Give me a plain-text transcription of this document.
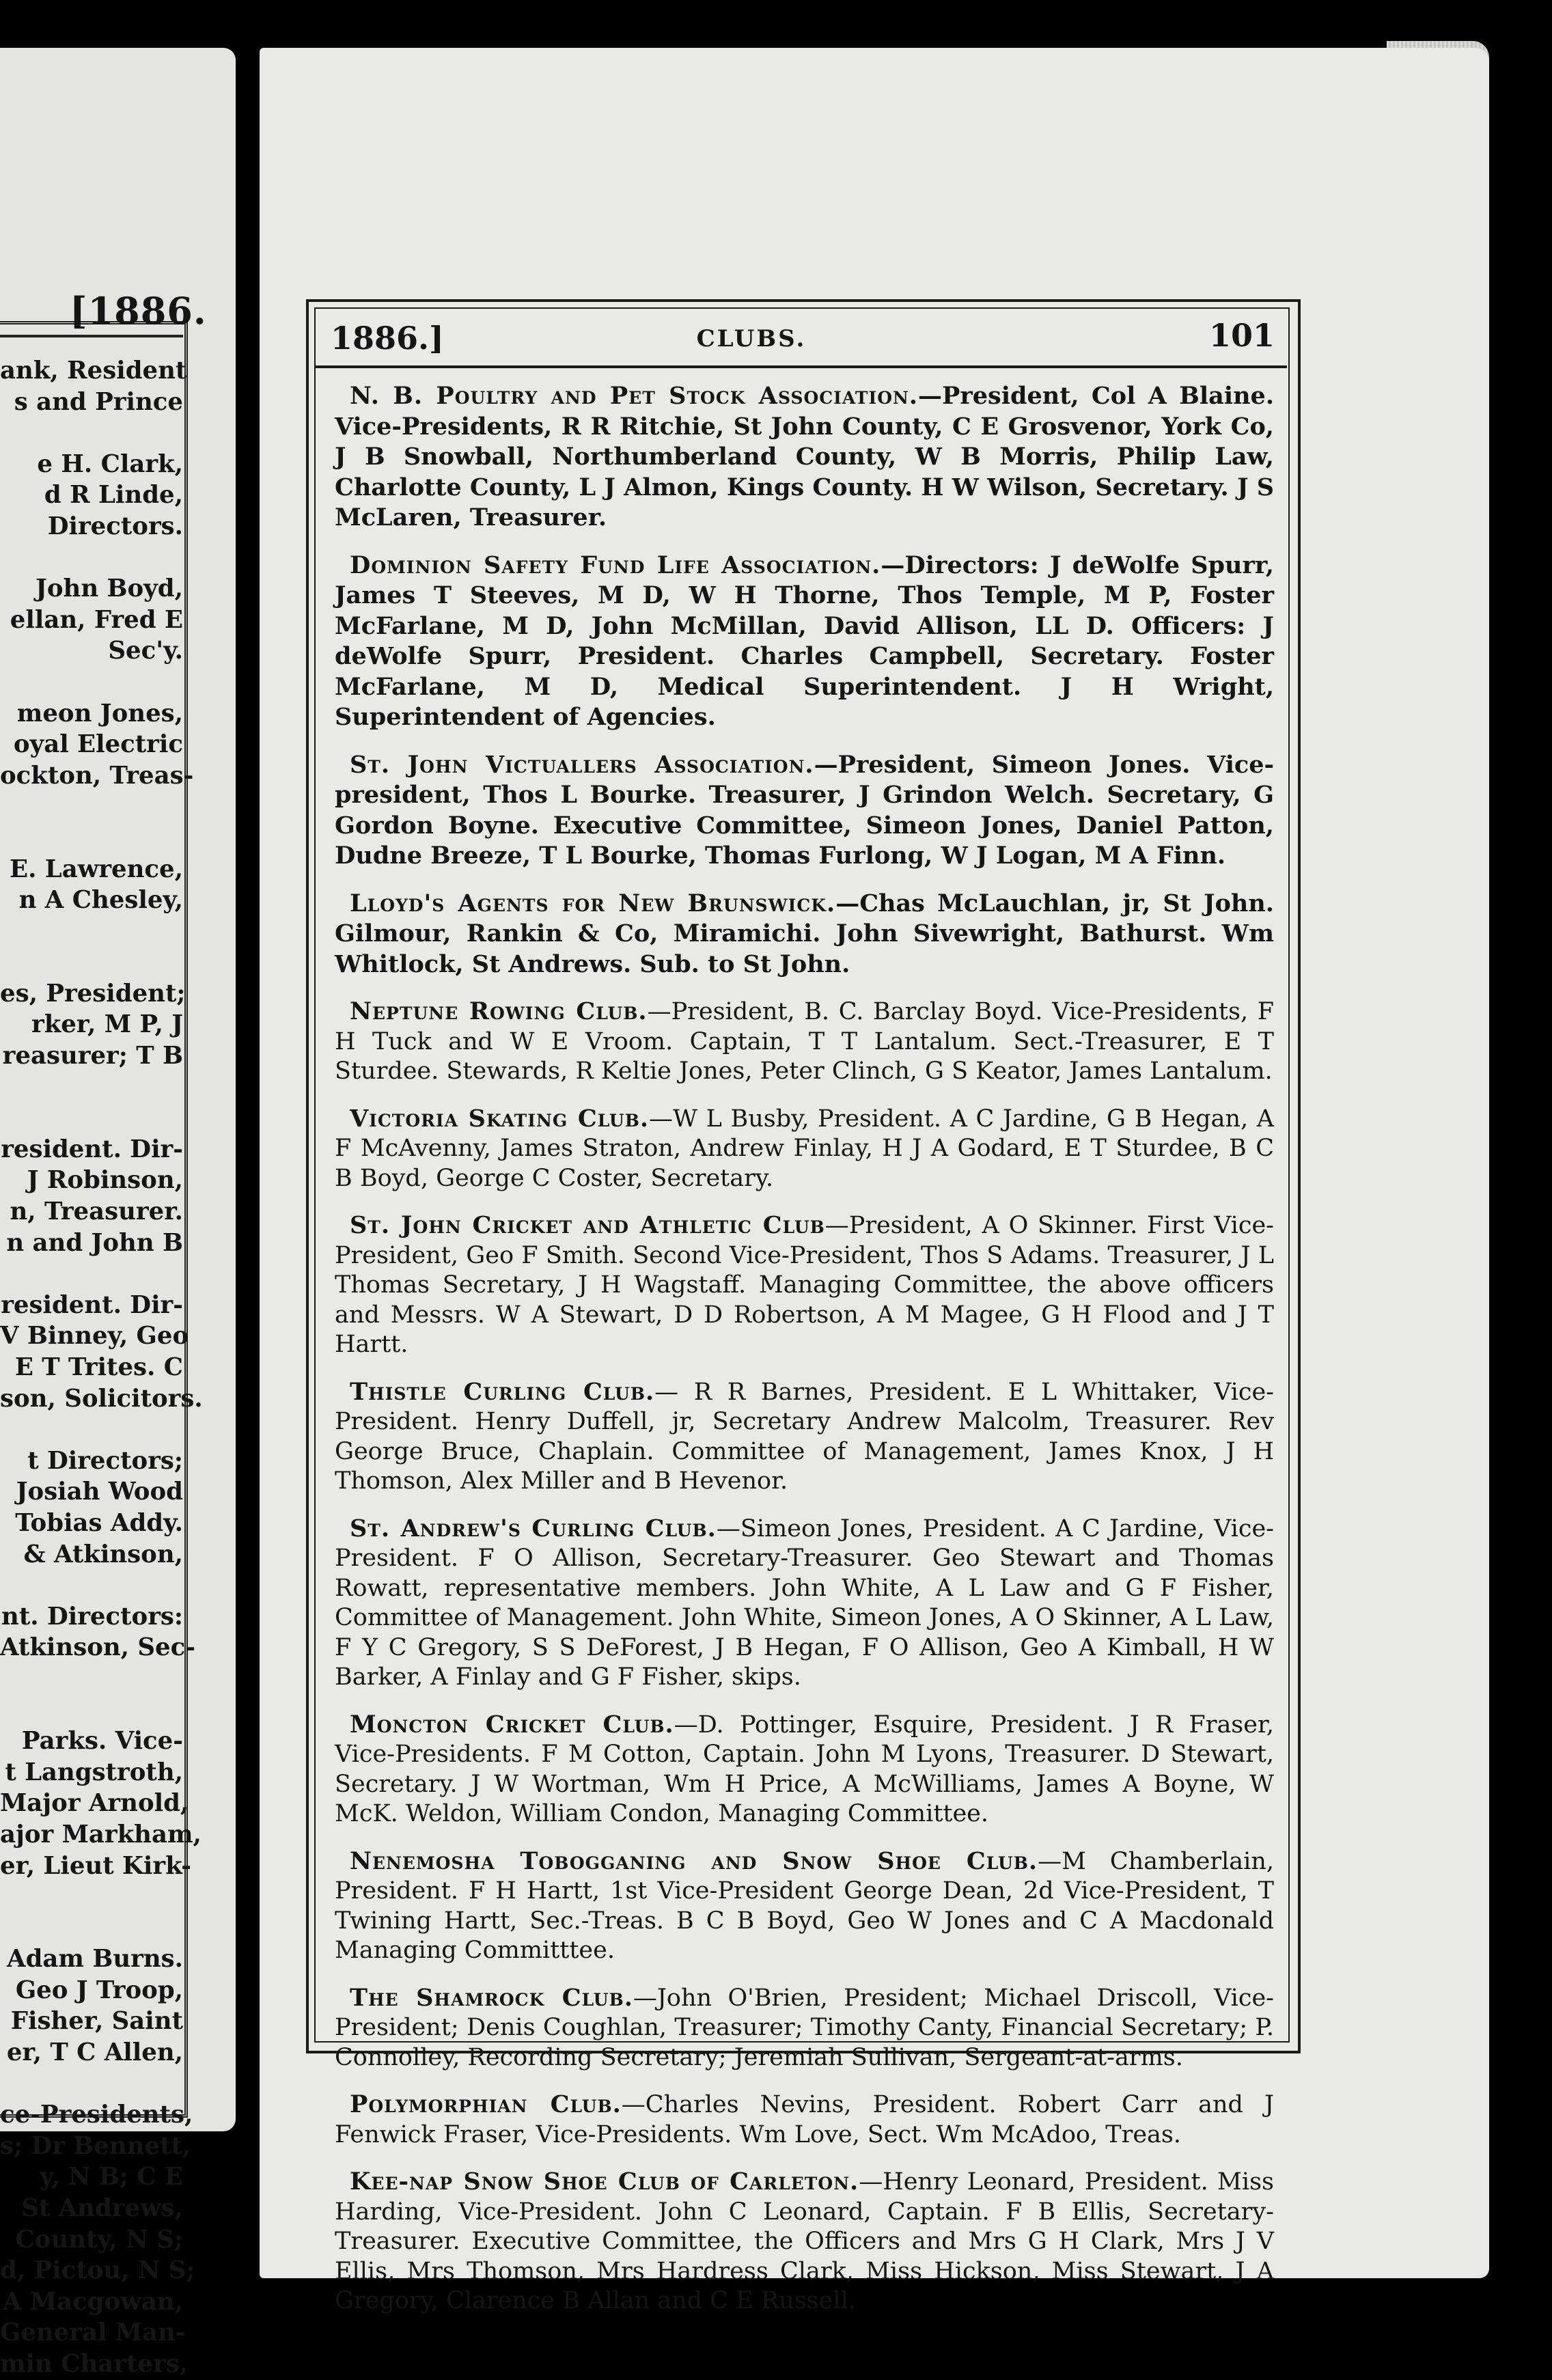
[1886.
ank, Resident
s and Prince

e H. Clark,
d R Linde,
Directors.

John Boyd,
ellan, Fred E
Sec'y.

meon Jones,
oyal Electric
ockton, Treas-

E. Lawrence,
n A Chesley,

es, President;
rker, M P, J
reasurer; T B

resident. Dir-
J Robinson,
n, Treasurer.
n and John B

resident. Dir-
V Binney, Geo
E T Trites. C
son, Solicitors.

t Directors;
Josiah Wood
Tobias Addy.
& Atkinson,

nt. Directors:
Atkinson, Sec-

Parks. Vice-
t Langstroth,
Major Arnold,
ajor Markham,
er, Lieut Kirk-

Adam Burns.
Geo J Troop,
Fisher, Saint
er, T C Allen,

ce-Presidents,
s; Dr Bennett,
y, N B; C E
St Andrews,
County, N S;
d, Pictou, N S;
A Macgowan,
General Man-
min Charters,
1886.]	CLUBS.	101

N. B. Poultry and Pet Stock Association.—President, Col A Blaine. Vice-Presidents, R R Ritchie, St John County, C E Grosvenor, York Co, J B Snowball, Northumberland County, W B Morris, Philip Law, Charlotte County, L J Almon, Kings County. H W Wilson, Secretary. J S McLaren, Treasurer.

Dominion Safety Fund Life Association.—Directors: J deWolfe Spurr, James T Steeves, M D, W H Thorne, Thos Temple, M P, Foster McFarlane, M D, John McMillan, David Allison, LL D. Officers: J deWolfe Spurr, President. Charles Campbell, Secretary. Foster McFarlane, M D, Medical Superintendent. J H Wright, Superintendent of Agencies.

St. John Victuallers Association.—President, Simeon Jones. Vice-president, Thos L Bourke. Treasurer, J Grindon Welch. Secretary, G Gordon Boyne. Executive Committee, Simeon Jones, Daniel Patton, Dudne Breeze, T L Bourke, Thomas Furlong, W J Logan, M A Finn.

Lloyd's Agents for New Brunswick.—Chas McLauchlan, jr, St John. Gilmour, Rankin & Co, Miramichi. John Sivewright, Bathurst. Wm Whitlock, St Andrews. Sub. to St John.

Neptune Rowing Club.—President, B. C. Barclay Boyd. Vice-Presidents, F H Tuck and W E Vroom. Captain, T T Lantalum. Sect.-Treasurer, E T Sturdee. Stewards, R Keltie Jones, Peter Clinch, G S Keator, James Lantalum.

Victoria Skating Club.—W L Busby, President. A C Jardine, G B Hegan, A F McAvenny, James Straton, Andrew Finlay, H J A Godard, E T Sturdee, B C B Boyd, George C Coster, Secretary.

St. John Cricket and Athletic Club—President, A O Skinner. First Vice-President, Geo F Smith. Second Vice-President, Thos S Adams. Treasurer, J L Thomas Secretary, J H Wagstaff. Managing Committee, the above officers and Messrs. W A Stewart, D D Robertson, A M Magee, G H Flood and J T Hartt.

Thistle Curling Club.— R R Barnes, President. E L Whittaker, Vice-President. Henry Duffell, jr, Secretary Andrew Malcolm, Treasurer. Rev George Bruce, Chaplain. Committee of Management, James Knox, J H Thomson, Alex Miller and B Hevenor.

St. Andrew's Curling Club.—Simeon Jones, President. A C Jardine, Vice-President. F O Allison, Secretary-Treasurer. Geo Stewart and Thomas Rowatt, representative members. John White, A L Law and G F Fisher, Committee of Management. John White, Simeon Jones, A O Skinner, A L Law, F Y C Gregory, S S DeForest, J B Hegan, F O Allison, Geo A Kimball, H W Barker, A Finlay and G F Fisher, skips.

Moncton Cricket Club.—D. Pottinger, Esquire, President. J R Fraser, Vice-Presidents. F M Cotton, Captain. John M Lyons, Treasurer. D Stewart, Secretary. J W Wortman, Wm H Price, A McWilliams, James A Boyne, W McK. Weldon, William Condon, Managing Committee.

Nenemosha Tobogganing and Snow Shoe Club.—M Chamberlain, President. F H Hartt, 1st Vice-President George Dean, 2d Vice-President, T Twining Hartt, Sec.-Treas. B C B Boyd, Geo W Jones and C A Macdonald Managing Committtee.

The Shamrock Club.—John O'Brien, President; Michael Driscoll, Vice-President; Denis Coughlan, Treasurer; Timothy Canty, Financial Secretary; P. Connolley, Recording Secretary; Jeremiah Sullivan, Sergeant-at-arms.

Polymorphian Club.—Charles Nevins, President. Robert Carr and J Fenwick Fraser, Vice-Presidents. Wm Love, Sect. Wm McAdoo, Treas.

Kee-nap Snow Shoe Club of Carleton.—Henry Leonard, President. Miss Harding, Vice-President. John C Leonard, Captain. F B Ellis, Secretary-Treasurer. Executive Committee, the Officers and Mrs G H Clark, Mrs J V Ellis, Mrs Thomson, Mrs Hardress Clark, Miss Hickson, Miss Stewart, J A Gregory, Clarence B Allan and C E Russell.
